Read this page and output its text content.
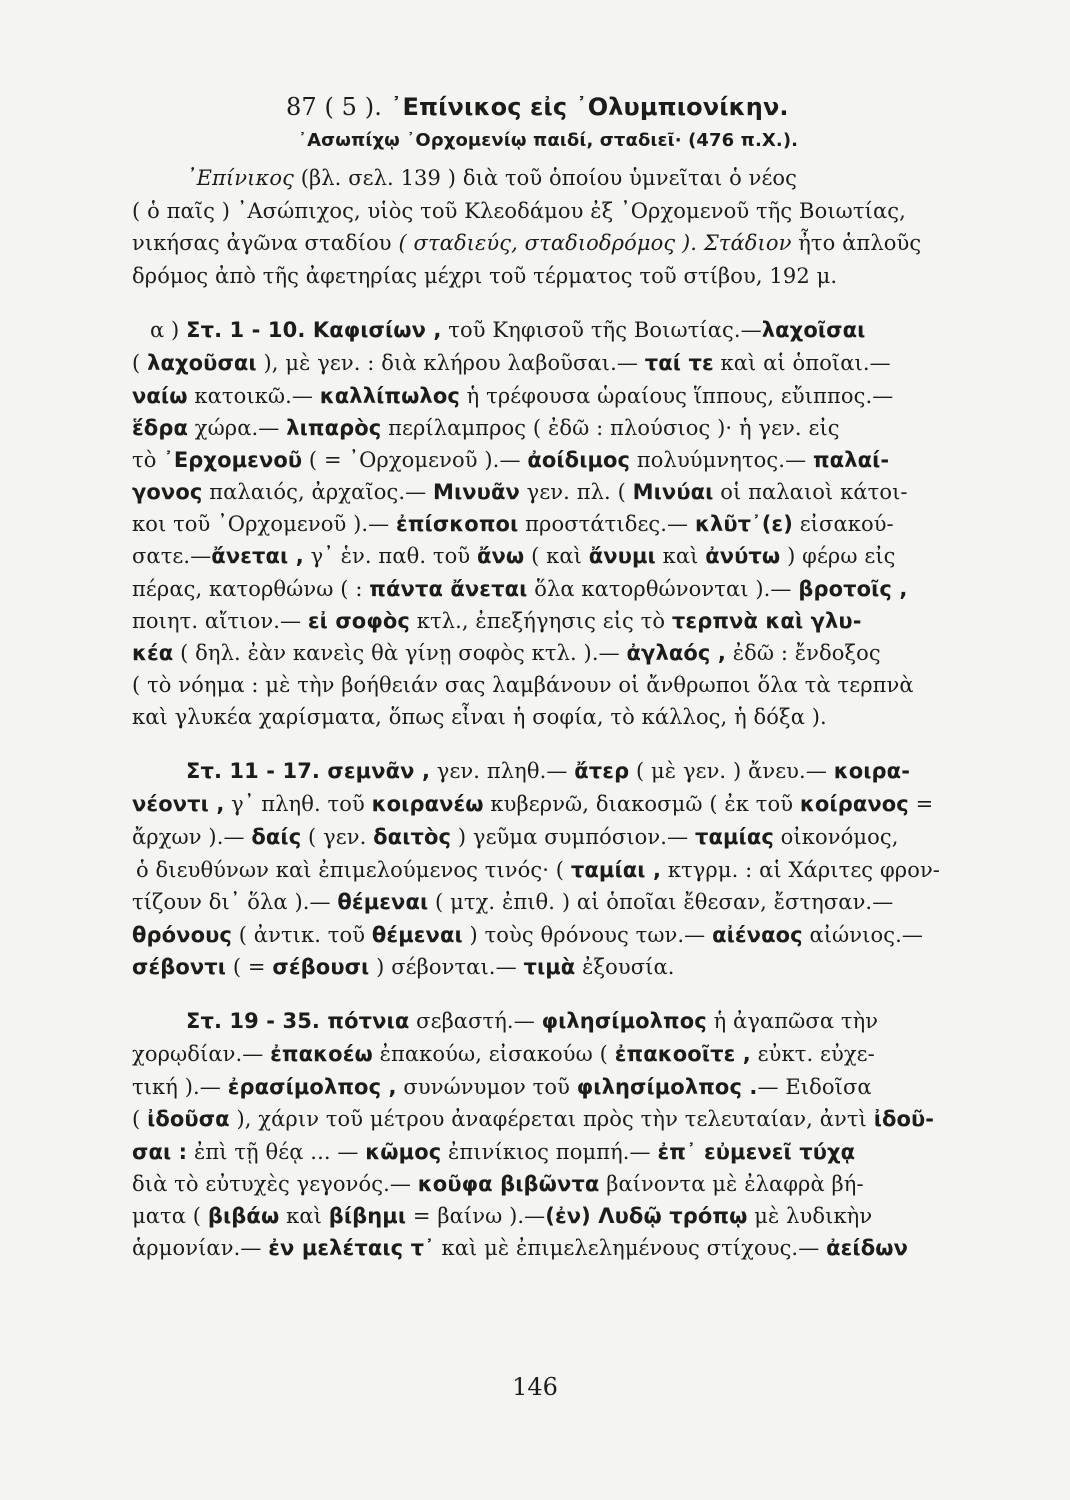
87 ( 5 ). ᾿Επίνικος εἰς ᾿Ολυμπιονίκην.
᾿Ασωπίχῳ ᾿Ορχομενίῳ παιδί, σταδιεῖ· (476 π.Χ.).
᾿Επίνικος (βλ. σελ. 139 ) διὰ τοῦ ὁποίου ὑμνεῖται ὁ νέος
( ὁ παῖς ) ᾿Ασώπιχος, υἱὸς τοῦ Κλεοδάμου ἐξ ᾿Ορχομενοῦ τῆς Βοιωτίας,
νικήσας ἀγῶνα σταδίου ( σταδιεύς, σταδιοδρόμος ). Στάδιον ἦτο ἁπλοῦς
δρόμος ἀπὸ τῆς ἀφετηρίας μέχρι τοῦ τέρματος τοῦ στίβου, 192 μ.
α ) Στ. 1 - 10. Καφισίων , τοῦ Κηφισοῦ τῆς Βοιωτίας.—λαχοῖσαι
( λαχοῦσαι ), μὲ γεν. : διὰ κλήρου λαβοῦσαι.— ταί τε καὶ αἱ ὁποῖαι.—
ναίω κατοικῶ.— καλλίπωλος ἡ τρέφουσα ὡραίους ἵππους, εὔιππος.—
ἕδρα χώρα.— λιπαρὸς περίλαμπρος ( ἐδῶ : πλούσιος )· ἡ γεν. εἰς
τὸ ᾿Ερχομενοῦ ( = ᾿Ορχομενοῦ ).— ἀοίδιμος πολυύμνητος.— παλαί-
γονος παλαιός, ἀρχαῖος.— Μινυᾶν γεν. πλ. ( Μινύαι οἱ παλαιοὶ κάτοι-
κοι τοῦ ᾿Ορχομενοῦ ).— ἐπίσκοποι προστάτιδες.— κλῦτ᾿(ε) εἰσακού-
σατε.—ἄνεται , γ᾿ ἑν. παθ. τοῦ ἄνω ( καὶ ἄνυμι καὶ ἀνύτω ) φέρω εἰς
πέρας, κατορθώνω ( : πάντα ἄνεται ὅλα κατορθώνονται ).— βροτοῖς ,
ποιητ. αἴτιον.— εἰ σοφὸς κτλ., ἐπεξήγησις εἰς τὸ τερπνὰ καὶ γλυ-
κέα ( δηλ. ἐὰν κανεὶς θὰ γίνῃ σοφὸς κτλ. ).— ἀγλαός , ἐδῶ : ἔνδοξος
( τὸ νόημα : μὲ τὴν βοήθειάν σας λαμβάνουν οἱ ἄνθρωποι ὅλα τὰ τερπνὰ
καὶ γλυκέα χαρίσματα, ὅπως εἶναι ἡ σοφία, τὸ κάλλος, ἡ δόξα ).
Στ. 11 - 17. σεμνᾶν , γεν. πληθ.— ἄτερ ( μὲ γεν. ) ἄνευ.— κοιρα-
νέοντι , γ᾿ πληθ. τοῦ κοιρανέω κυβερνῶ, διακοσμῶ ( ἐκ τοῦ κοίρανος =
ἄρχων ).— δαίς ( γεν. δαιτὸς ) γεῦμα συμπόσιον.— ταμίας οἰκονόμος,
ὁ διευθύνων καὶ ἐπιμελούμενος τινός· ( ταμίαι , κτγρμ. : αἱ Χάριτες φρον-
τίζουν δι᾿ ὅλα ).— θέμεναι ( μτχ. ἐπιθ. ) αἱ ὁποῖαι ἔθεσαν, ἔστησαν.—
θρόνους ( ἀντικ. τοῦ θέμεναι ) τοὺς θρόνους των.— αἰέναος αἰώνιος.—
σέβοντι ( = σέβουσι ) σέβονται.— τιμὰ ἐξουσία.
Στ. 19 - 35. πότνια σεβαστή.— φιλησίμολπος ἡ ἀγαπῶσα τὴν
χορῳδίαν.— ἐπακοέω ἐπακούω, εἰσακούω ( ἐπακοοῖτε , εὐκτ. εὐχε-
τική ).— ἐρασίμολπος , συνώνυμον τοῦ φιλησίμολπος .— Ειδοῖσα
( ἰδοῦσα ), χάριν τοῦ μέτρου ἀναφέρεται πρὸς τὴν τελευταίαν, ἀντὶ ἰδοῦ-
σαι : ἐπὶ τῇ θέᾳ ... — κῶμος ἐπινίκιος πομπή.— ἐπ᾿ εὐμενεῖ τύχᾳ
διὰ τὸ εὐτυχὲς γεγονός.— κοῦφα βιβῶντα βαίνοντα μὲ ἐλαφρὰ βή-
ματα ( βιβάω καὶ βίβημι = βαίνω ).—(ἐν) Λυδῷ τρόπῳ μὲ λυδικὴν
ἁρμονίαν.— ἐν μελέταις τ᾿ καὶ μὲ ἐπιμελελημένους στίχους.— ἀείδων
146
